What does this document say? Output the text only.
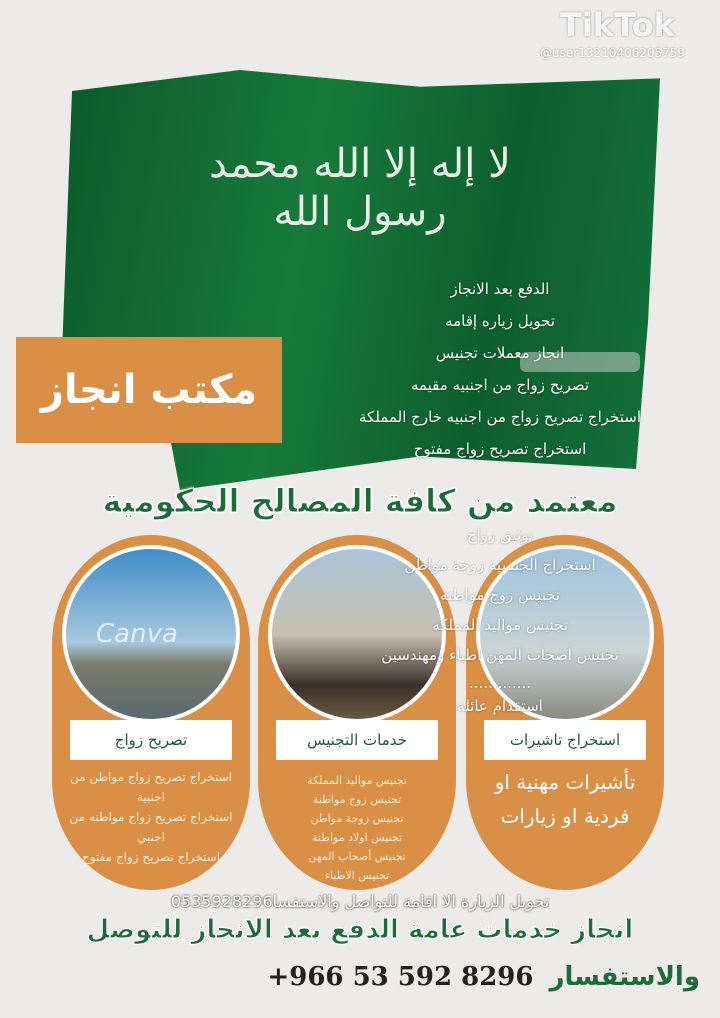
لا إله إلا الله محمد رسول الله
مكتب انجاز
معتمد من كافة المصالح الحكومية
استخراج تاشيرات
تأشيرات مهنية او فردية او زيارات
خدمات التجنيس
تجنيس مواليد المملكة
تجنيس زوج مواطنة
تجنيس زوجة مواطن
تجنيس اولاد مواطنة
تجنيس أصحاب المهن
تجنيس الاطباء
Canva
تصريح زواج
استخراج تصريح زواج مواطن من اجنبية
استخراج تصريح زواج مواطنه من اجنبي
استخراج تصريح زواج مفتوح
الدفع بعد الانجاز
تحويل زياره إقامه
انجاز معملات تجنيس
تصريح زواج من اجنبيه مقيمه
استخراج تصريح زواج من اجنبيه خارج المملكة
استخراج تصريح زواج مفتوح
توثيق زواج
استخراج الجنسيه زوجة مواطن
تجنيس زوج مواطنه
تجنيس مواليد المملكه
تجنيس اصحاب المهن اطباء ومهندسين
.............
استقدام عائلة
تحويل الزيارة الا اقامة للتواصل والاستفسا0535928296
TikTok
@user13210406205759
انجاز خدمات عامة الدفع بعد الانجاز للتوصل
والاستفسار
+966 53 592 8296
